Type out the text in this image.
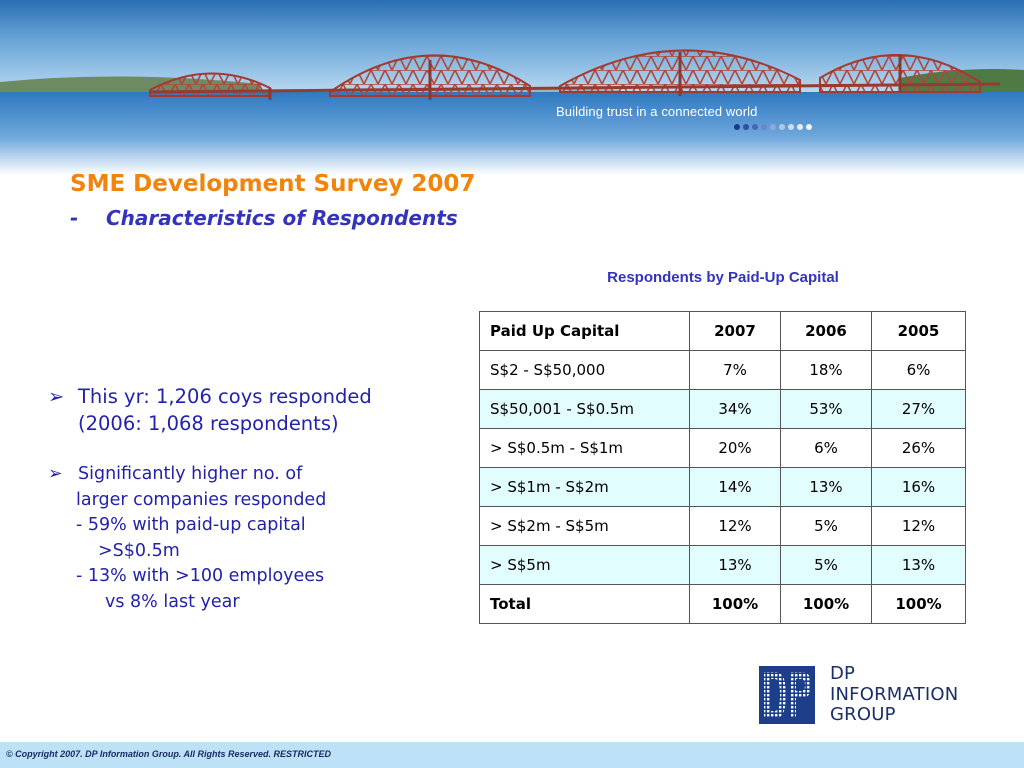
Building trust in a connected world
SME Development Survey 2007
- Characteristics of Respondents
Respondents by Paid-Up Capital
Paid Up Capital	2007	2006	2005
S$2 - S$50,000	7%	18%	6%
S$50,001 - S$0.5m	34%	53%	27%
> S$0.5m - S$1m	20%	6%	26%
> S$1m - S$2m	14%	13%	16%
> S$2m - S$5m	12%	5%	12%
> S$5m	13%	5%	13%
Total	100%	100%	100%
➢ This yr: 1,206 coys responded
(2006: 1,068 respondents)
➢ Significantly higher no. of
larger companies responded
- 59% with paid-up capital
>S$0.5m
- 13% with >100 employees
vs 8% last year
DP
INFORMATION
GROUP
© Copyright 2007. DP Information Group. All Rights Reserved. RESTRICTED
